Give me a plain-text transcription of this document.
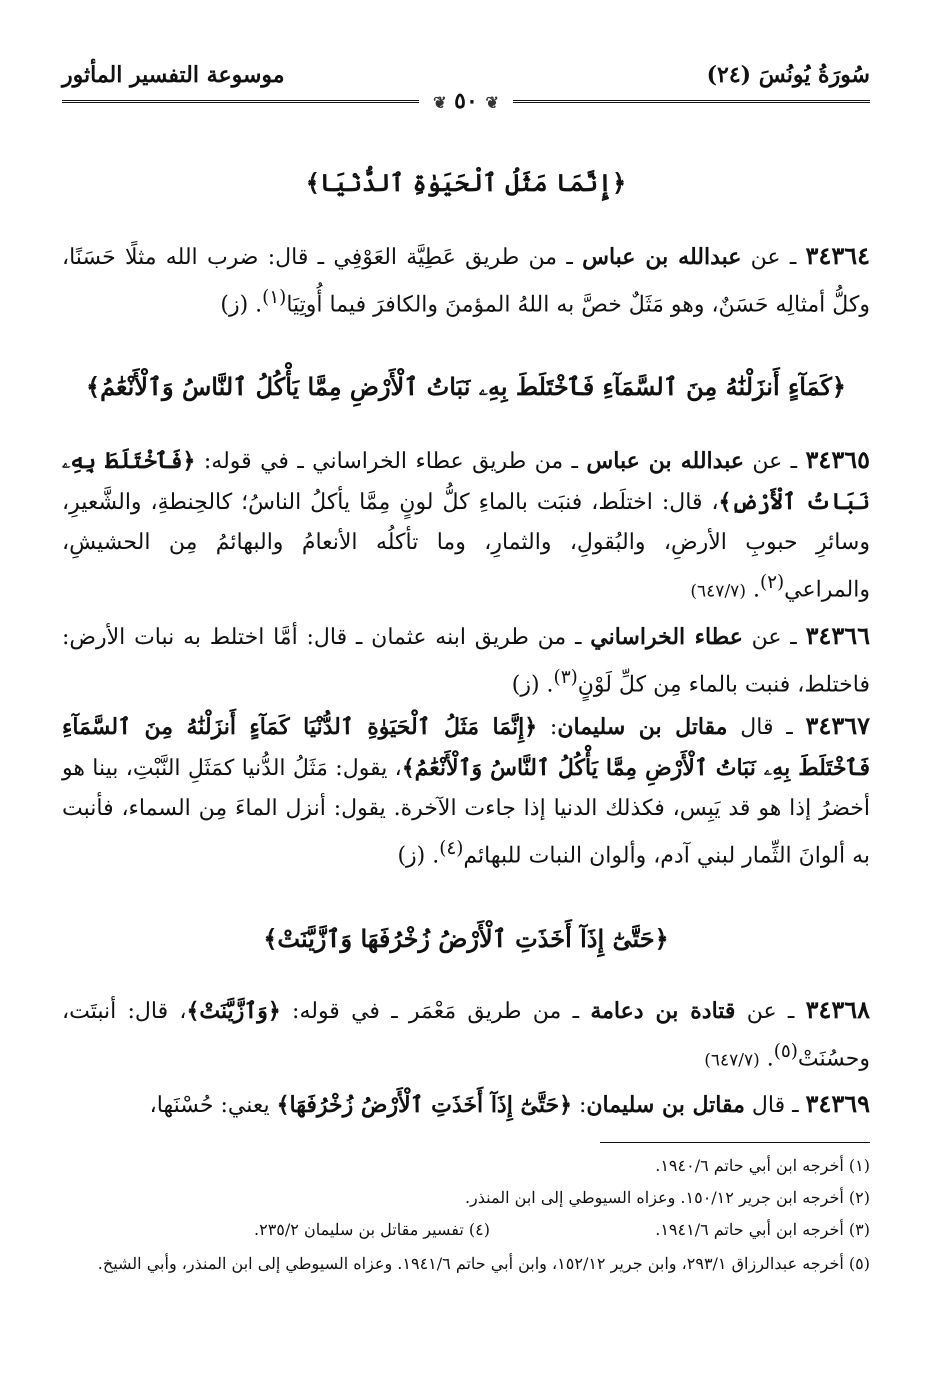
سُورَةُ يُونُسَ (٢٤)
موسوعة التفسير المأثور
❦ ٥٠ ❦
﴿إِنَّمَا مَثَلُ ٱلْحَيَوٰةِ ٱلدُّنْيَا﴾
٣٤٣٦٤ ـ عن عبدالله بن عباس ـ من طريق عَطِيَّة العَوْفِي ـ قال: ضرب الله مثلًا حَسَنًا، وكلُّ أمثالِه حَسَنٌ، وهو مَثَلٌ خصَّ به اللهُ المؤمنَ والكافرَ فيما أُوتِيَا$^{(١)}$. (ز)
﴿كَمَآءٍ أَنزَلْنَٰهُ مِنَ ٱلسَّمَآءِ فَٱخْتَلَطَ بِهِۦ نَبَاتُ ٱلْأَرْضِ مِمَّا يَأْكُلُ ٱلنَّاسُ وَٱلْأَنْعَٰمُ﴾
٣٤٣٦٥ ـ عن عبدالله بن عباس ـ من طريق عطاء الخراساني ـ في قوله: ﴿فَٱخْتَلَطَ بِهِۦ نَبَاتُ ٱلْأَرْضِ﴾، قال: اختلَط، فنبَت بالماءِ كلُّ لونٍ مِمَّا يأكلُ الناسُ؛ كالحِنطةِ، والشَّعيرِ، وسائرِ حبوبِ الأرضِ، والبُقولِ، والثمارِ، وما تأكلُه الأنعامُ والبهائمُ مِن الحشيشِ، والمراعي$^{(٢)}$. (٦٤٧/٧)
٣٤٣٦٦ ـ عن عطاء الخراساني ـ من طريق ابنه عثمان ـ قال: أمَّا اختلط به نبات الأرض: فاختلط، فنبت بالماء مِن كلِّ لَوْنٍ$^{(٣)}$. (ز)
٣٤٣٦٧ ـ قال مقاتل بن سليمان: ﴿إِنَّمَا مَثَلُ ٱلْحَيَوٰةِ ٱلدُّنْيَا كَمَآءٍ أَنزَلْنَٰهُ مِنَ ٱلسَّمَآءِ فَٱخْتَلَطَ بِهِۦ نَبَاتُ ٱلْأَرْضِ مِمَّا يَأْكُلُ ٱلنَّاسُ وَٱلْأَنْعَٰمُ﴾، يقول: مَثَلُ الدُّنيا كمَثَلِ النَّبْتِ، بينا هو أخضرُ إذا هو قد يَبِس، فكذلك الدنيا إذا جاءت الآخرة. يقول: أنزل الماءَ مِن السماء، فأنبت به ألوانَ الثِّمار لبني آدم، وألوان النبات للبهائم$^{(٤)}$. (ز)
﴿حَتَّىٰٓ إِذَآ أَخَذَتِ ٱلْأَرْضُ زُخْرُفَهَا وَٱزَّيَّنَتْ﴾
٣٤٣٦٨ ـ عن قتادة بن دعامة ـ من طريق مَعْمَر ـ في قوله: ﴿وَٱزَّيَّنَتْ﴾، قال: أنبتَت، وحسُنَتْ$^{(٥)}$. (٦٤٧/٧)
٣٤٣٦٩ ـ قال مقاتل بن سليمان: ﴿حَتَّىٰٓ إِذَآ أَخَذَتِ ٱلْأَرْضُ زُخْرُفَهَا﴾ يعني: حُسْنَها،
(١) أخرجه ابن أبي حاتم ١٩٤٠/٦.
(٢) أخرجه ابن جرير ١٥٠/١٢. وعزاه السيوطي إلى ابن المنذر.
(٣) أخرجه ابن أبي حاتم ١٩٤١/٦.
(٤) تفسير مقاتل بن سليمان ٢٣٥/٢.
(٥) أخرجه عبدالرزاق ٢٩٣/١، وابن جرير ١٥٢/١٢، وابن أبي حاتم ١٩٤١/٦. وعزاه السيوطي إلى ابن المنذر، وأبي الشيخ.
